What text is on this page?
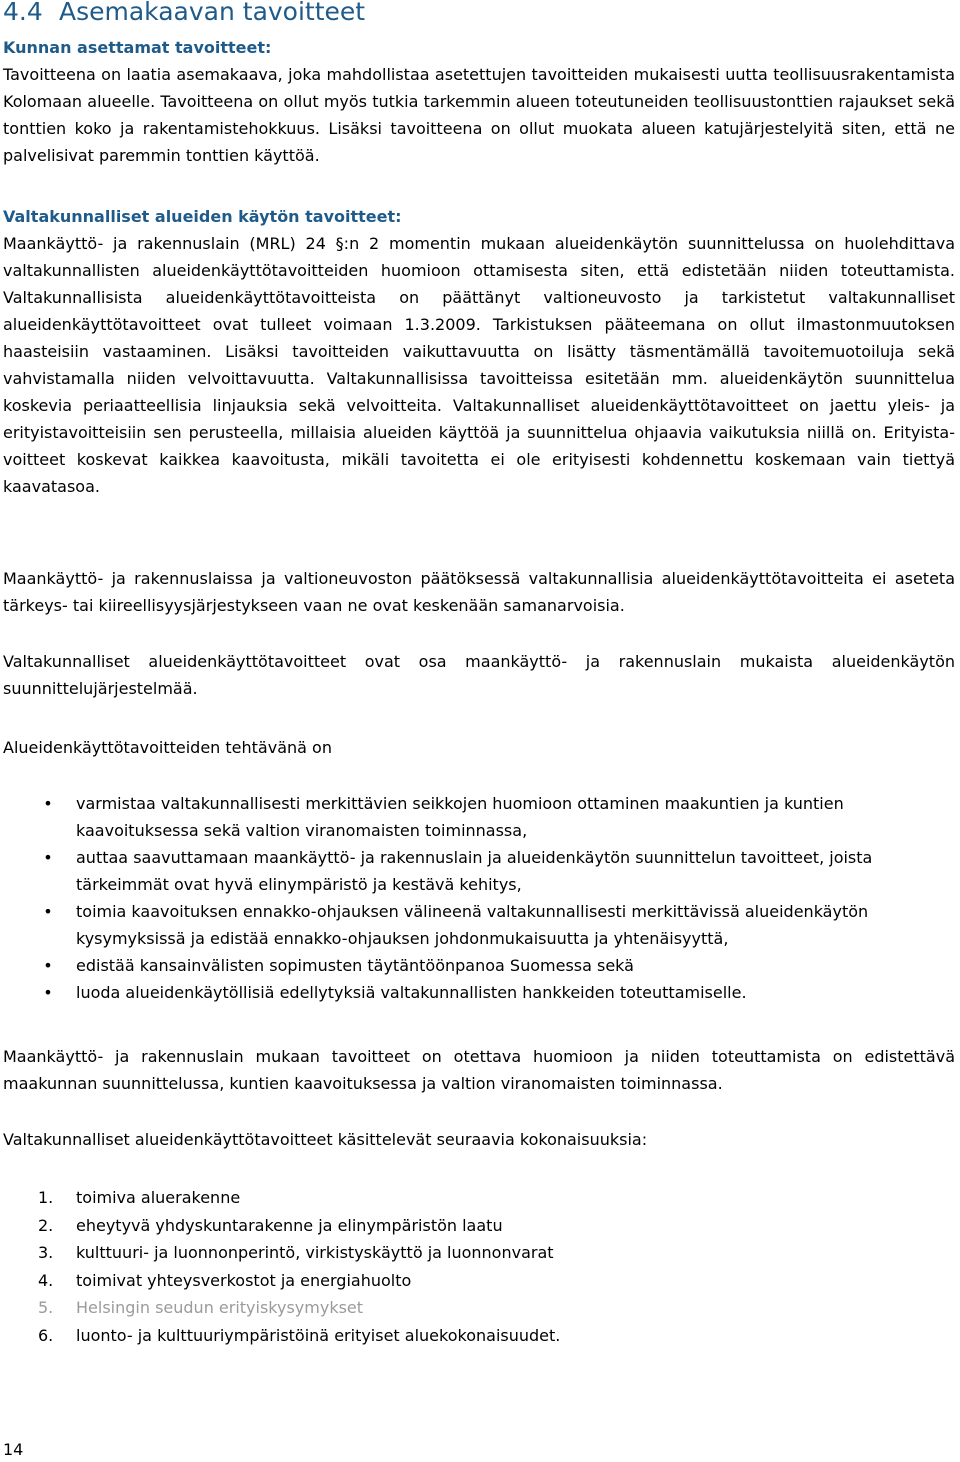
4.4 Asemakaavan tavoitteet
Kunnan asettamat tavoitteet:

Tavoitteena on laatia asemakaava, joka mahdollistaa asetettujen tavoitteiden mukaisesti uutta teollisuusrakentamista Kolomaan alueelle. Tavoitteena on ollut myös tutkia tarkemmin alueen toteutuneiden teollisuustonttien rajaukset sekä tonttien koko ja rakentamistehokkuus. Lisäksi tavoitteena on ollut muokata alueen katujärjestelyitä siten, että ne palvelisivat paremmin tonttien käyttöä.

Valtakunnalliset alueiden käytön tavoitteet:

Maankäyttö- ja rakennuslain (MRL) 24 §:n 2 momentin mukaan alueidenkäytön suunnittelussa on huolehdittava valtakunnallisten alueidenkäyttötavoitteiden huomioon ottamisesta siten, että edistetään niiden toteuttamista. Valtakunnallisista alueidenkäyttötavoitteista on päättänyt valtioneuvosto ja tarkistetut valtakunnalliset alueidenkäyttötavoitteet ovat tulleet voimaan 1.3.2009. Tarkistuksen pääteemana on ollut ilmastonmuutoksen haasteisiin vastaaminen. Lisäksi tavoitteiden vaikuttavuutta on lisätty täsmentämällä tavoitemuotoiluja sekä vahvistamalla niiden velvoittavuutta. Valtakunnallisissa tavoitteissa esitetään mm. alueidenkäytön suunnittelua koskevia periaatteellisia linjauksia sekä velvoitteita. Valtakunnalliset alueidenkäyttötavoitteet on jaettu yleis- ja erityistavoitteisiin sen perusteella, millaisia alueiden käyttöä ja suunnittelua ohjaavia vaikutuksia niillä on. Erityistavoitteet koskevat kaikkea kaavoitusta, mikäli tavoitetta ei ole erityisesti kohdennettu koskemaan vain tiettyä kaavatasoa.

Maankäyttö- ja rakennuslaissa ja valtioneuvoston päätöksessä valtakunnallisia alueidenkäyttötavoitteita ei aseteta tärkeys- tai kiireellisyysjärjestykseen vaan ne ovat keskenään samanarvoisia.

Valtakunnalliset alueidenkäyttötavoitteet ovat osa maankäyttö- ja rakennuslain mukaista alueidenkäytön suunnittelujärjestelmää.

Alueidenkäyttötavoitteiden tehtävänä on

•	varmistaa valtakunnallisesti merkittävien seikkojen huomioon ottaminen maakuntien ja kuntien kaavoituksessa sekä valtion viranomaisten toiminnassa,
•	auttaa saavuttamaan maankäyttö- ja rakennuslain ja alueidenkäytön suunnittelun tavoitteet, joista tärkeimmät ovat hyvä elinympäristö ja kestävä kehitys,
•	toimia kaavoituksen ennakko-ohjauksen välineenä valtakunnallisesti merkittävissä alueidenkäytön kysymyksissä ja edistää ennakko-ohjauksen johdonmukaisuutta ja yhtenäisyyttä,
•	edistää kansainvälisten sopimusten täytäntöönpanoa Suomessa sekä
•	luoda alueidenkäytöllisiä edellytyksiä valtakunnallisten hankkeiden toteuttamiselle.

Maankäyttö- ja rakennuslain mukaan tavoitteet on otettava huomioon ja niiden toteuttamista on edistettävä maakunnan suunnittelussa, kuntien kaavoituksessa ja valtion viranomaisten toiminnassa.

Valtakunnalliset alueidenkäyttötavoitteet käsittelevät seuraavia kokonaisuuksia:

1. toimiva aluerakenne
2. eheytyvä yhdyskuntarakenne ja elinympäristön laatu
3. kulttuuri- ja luonnonperintö, virkistyskäyttö ja luonnonvarat
4. toimivat yhteysverkostot ja energiahuolto
5. Helsingin seudun erityiskysymykset
6. luonto- ja kulttuuriympäristöinä erityiset aluekokonaisuudet.
14
